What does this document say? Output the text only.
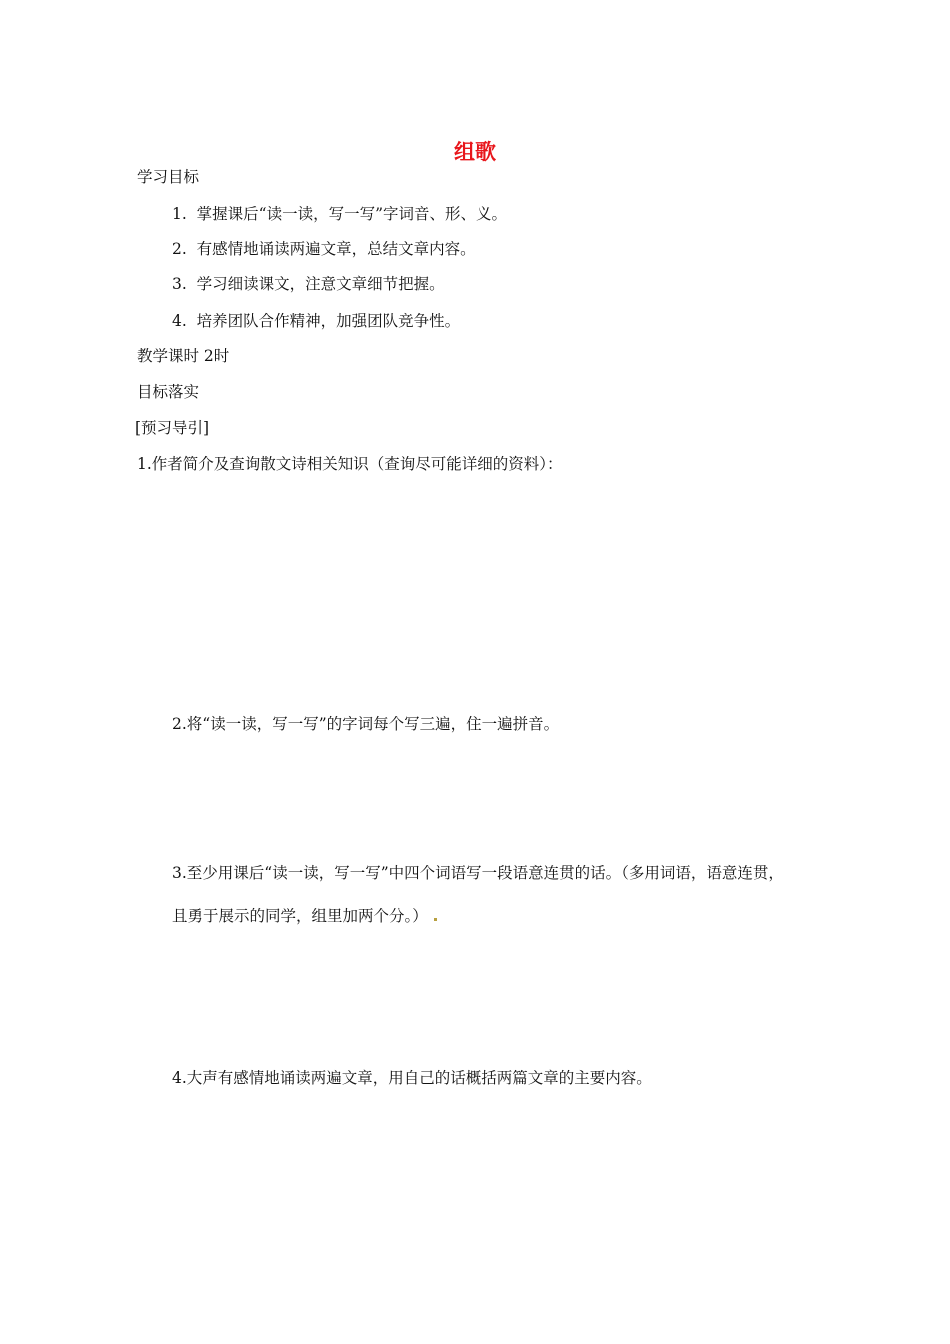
组歌
学习目标
1. 掌握课后“读一读，写一写”字词音、形、义。
2. 有感情地诵读两遍文章，总结文章内容。
3. 学习细读课文，注意文章细节把握。
4. 培养团队合作精神，加强团队竞争性。
教学课时 2时
目标落实
[预习导引]
1.作者简介及查询散文诗相关知识（查询尽可能详细的资料）：
2.将“读一读，写一写”的字词每个写三遍，住一遍拼音。
3.至少用课后“读一读，写一写”中四个词语写一段语意连贯的话。（多用词语，语意连贯，
且勇于展示的同学，组里加两个分。）
4.大声有感情地诵读两遍文章，用自己的话概括两篇文章的主要内容。
